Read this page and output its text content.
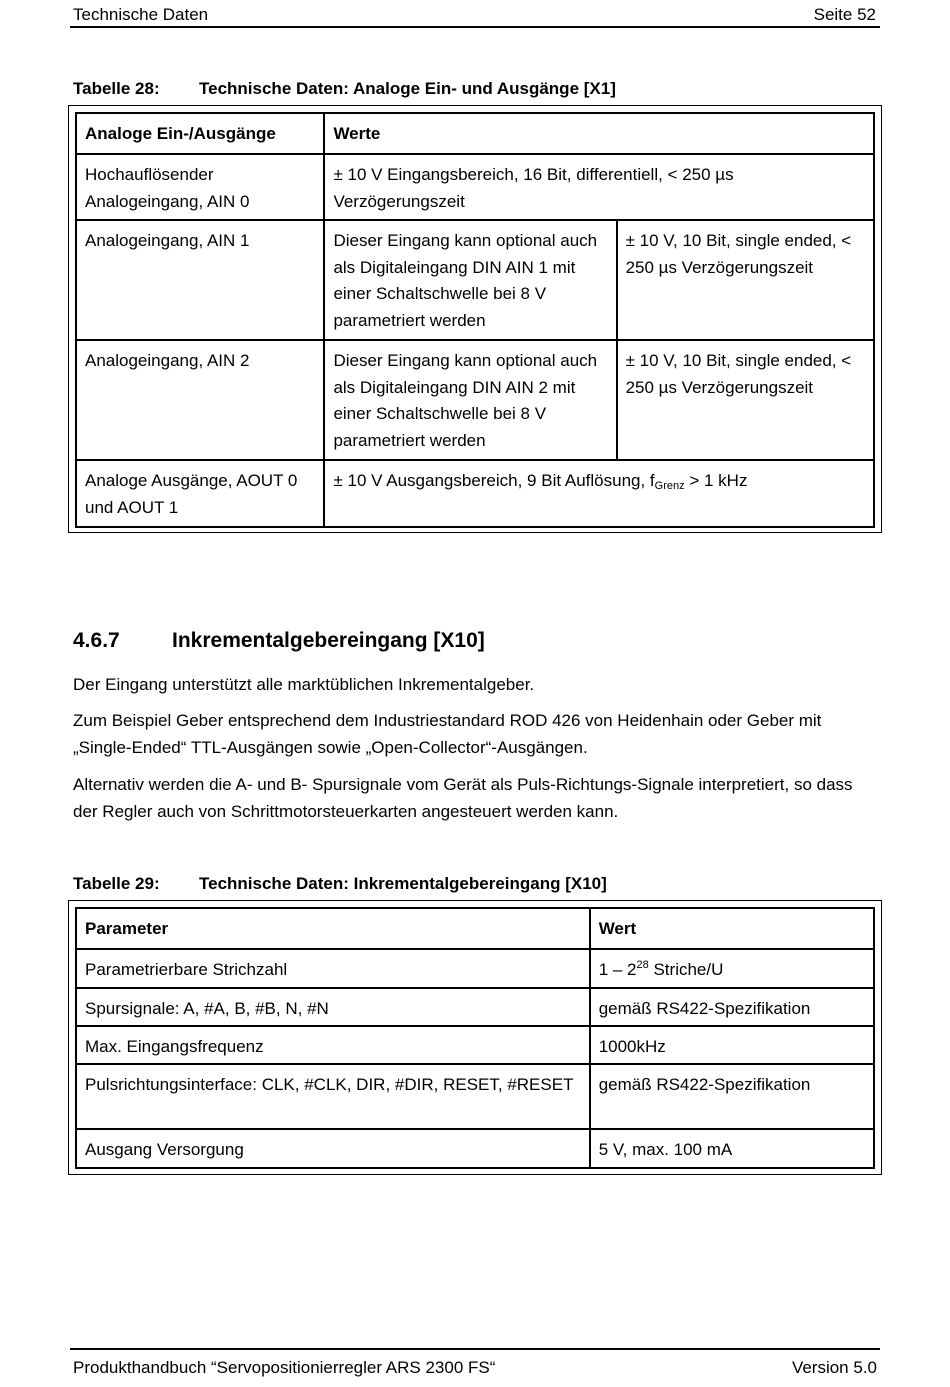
Technische Daten	Seite 52
Tabelle 28: Technische Daten: Analoge Ein- und Ausgänge [X1]
Analoge Ein-/Ausgänge	Werte	
Hochauflösender Analogeingang, AIN 0	± 10 V Eingangsbereich, 16 Bit, differentiell, < 250 µs Verzögerungszeit	
Analogeingang, AIN 1	Dieser Eingang kann optional auch als Digitaleingang DIN AIN 1 mit einer Schaltschwelle bei 8 V parametriert werden	± 10 V, 10 Bit, single ended, < 250 µs Verzögerungszeit
Analogeingang, AIN 2	Dieser Eingang kann optional auch als Digitaleingang DIN AIN 2 mit einer Schaltschwelle bei 8 V parametriert werden	± 10 V, 10 Bit, single ended, < 250 µs Verzögerungszeit
Analoge Ausgänge, AOUT 0 und AOUT 1	± 10 V Ausgangsbereich, 9 Bit Auflösung, $f_{Grenz} > 1$ kHz	
4.6.7 Inkrementalgebereingang [X10]
Der Eingang unterstützt alle marktüblichen Inkrementalgeber.
Zum Beispiel Geber entsprechend dem Industriestandard ROD 426 von Heidenhain oder Geber mit „Single-Ended“ TTL-Ausgängen sowie „Open-Collector“-Ausgängen.
Alternativ werden die A- und B- Spursignale vom Gerät als Puls-Richtungs-Signale interpretiert, so dass der Regler auch von Schrittmotorsteuerkarten angesteuert werden kann.
Tabelle 29: Technische Daten: Inkrementalgebereingang [X10]
Parameter	Wert
Parametrierbare Strichzahl	$1 - 2^{28}$ Striche/U
Spursignale: A, #A, B, #B, N, #N	gemäß RS422-Spezifikation
Max. Eingangsfrequenz	1000kHz
Pulsrichtungsinterface: CLK, #CLK, DIR, #DIR, RESET, #RESET	gemäß RS422-Spezifikation
Ausgang Versorgung	5 V, max. 100 mA
Produkthandbuch “Servopositionierregler ARS 2300 FS“	Version 5.0
